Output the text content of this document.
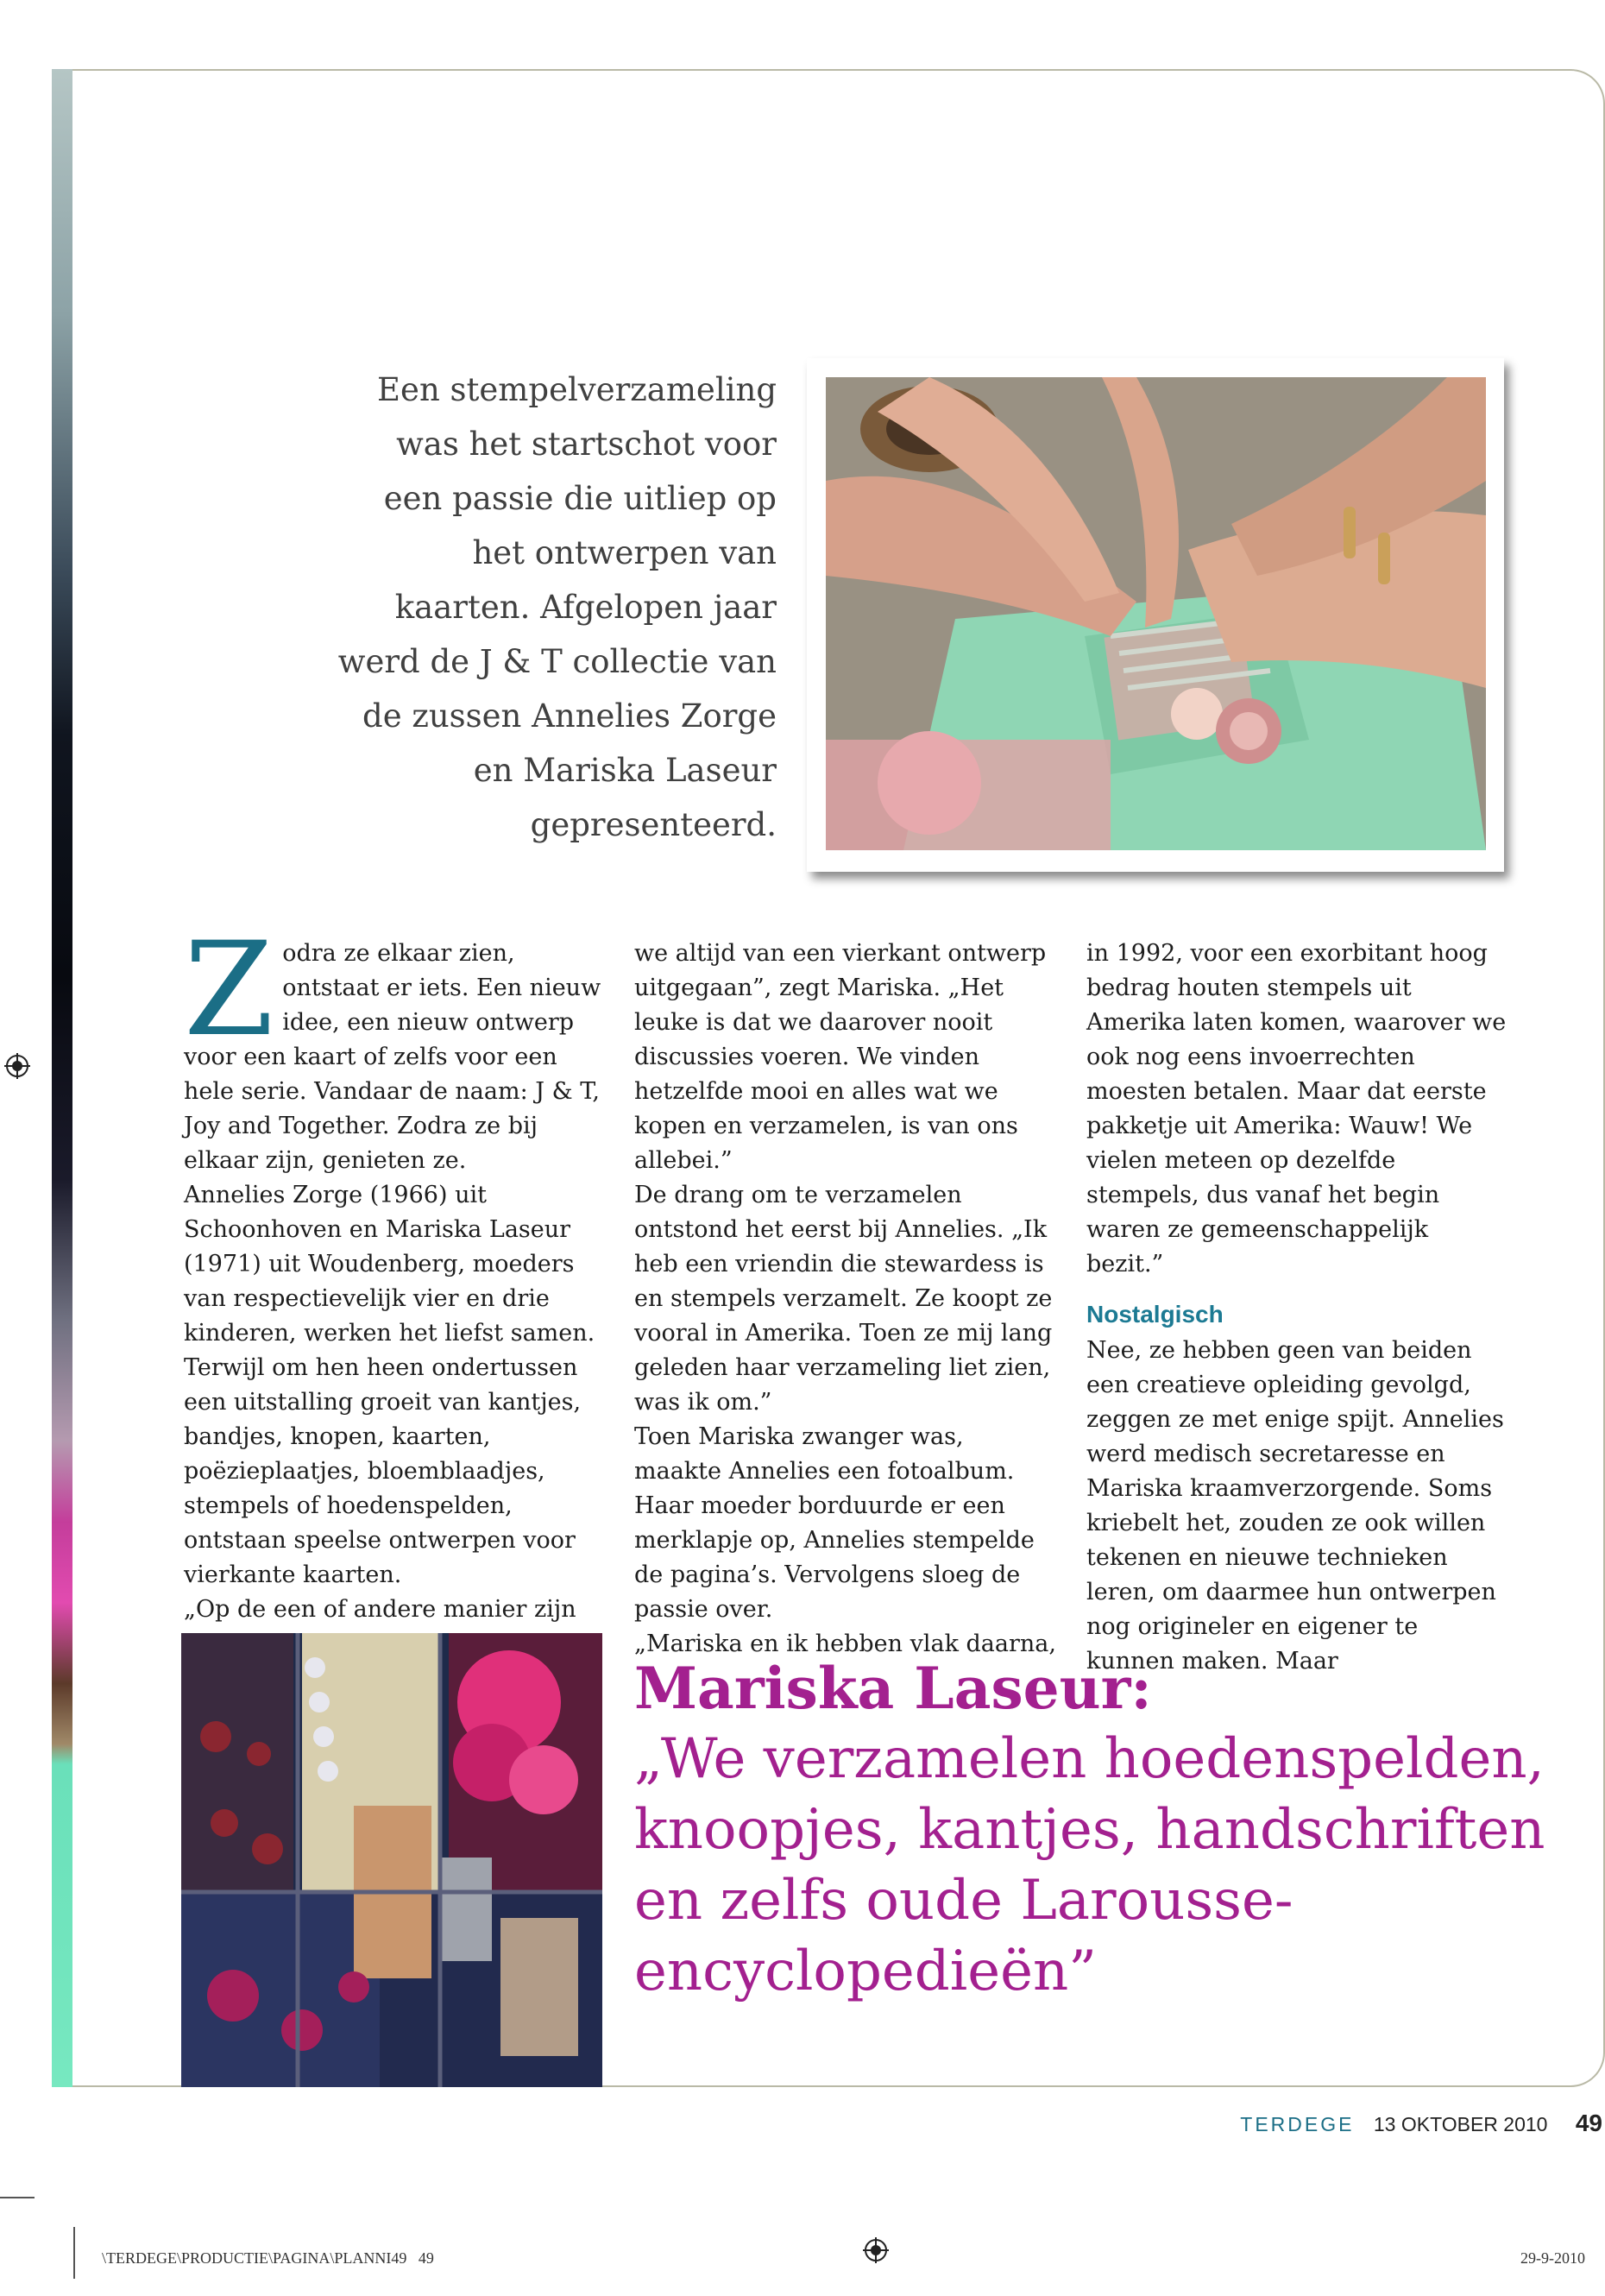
Een stempelverzameling was het startschot voor een passie die uitliep op het ontwerpen van kaarten. Afgelopen jaar werd de J & T collectie van de zussen Annelies Zorge en Mariska Laseur gepresenteerd.

Z odra ze elkaar zien, ontstaat er iets. Een nieuw idee, een nieuw ontwerp voor een kaart of zelfs voor een hele serie. Vandaar de naam: J & T, Joy and Together. Zodra ze bij elkaar zijn, genieten ze.

Annelies Zorge (1966) uit Schoonhoven en Mariska Laseur (1971) uit Woudenberg, moeders van respectievelijk vier en drie kinderen, werken het liefst samen. Terwijl om hen heen ondertussen een uitstalling groeit van kantjes, bandjes, knopen, kaarten, poëzieplaatjes, bloemblaadjes, stempels of hoedenspelden, ontstaan speelse ontwerpen voor vierkante kaarten.

„Op de een of andere manier zijn

we altijd van een vierkant ontwerp uitgegaan”, zegt Mariska. „Het leuke is dat we daarover nooit discussies voeren. We vinden hetzelfde mooi en alles wat we kopen en verzamelen, is van ons allebei.”

De drang om te verzamelen ontstond het eerst bij Annelies. „Ik heb een vriendin die stewardess is en stempels verzamelt. Ze koopt ze vooral in Amerika. Toen ze mij lang geleden haar verzameling liet zien, was ik om.”

Toen Mariska zwanger was, maakte Annelies een fotoalbum. Haar moeder borduurde er een merklapje op, Annelies stempelde de pagina’s. Vervolgens sloeg de passie over.

„Mariska en ik hebben vlak daarna,

in 1992, voor een exorbitant hoog bedrag houten stempels uit Amerika laten komen, waarover we ook nog eens invoerrechten moesten betalen. Maar dat eerste pakketje uit Amerika: Wauw! We vielen meteen op dezelfde stempels, dus vanaf het begin waren ze gemeenschappelijk bezit.”

Nostalgisch

Nee, ze hebben geen van beiden een creatieve opleiding gevolgd, zeggen ze met enige spijt. Annelies werd medisch secretaresse en Mariska kraamverzorgende. Soms kriebelt het, zouden ze ook willen tekenen en nieuwe technieken leren, om daarmee hun ontwerpen nog origineler en eigener te kunnen maken. Maar

Mariska Laseur:
„We verzamelen hoedenspelden, knoopjes, kantjes, handschriften en zelfs oude Larousse-encyclopedieën”

TERDEGE 13 OKTOBER 2010 49
\TERDEGE\PRODUCTIE\PAGINA\PLANNI49 49	29-9-2010
